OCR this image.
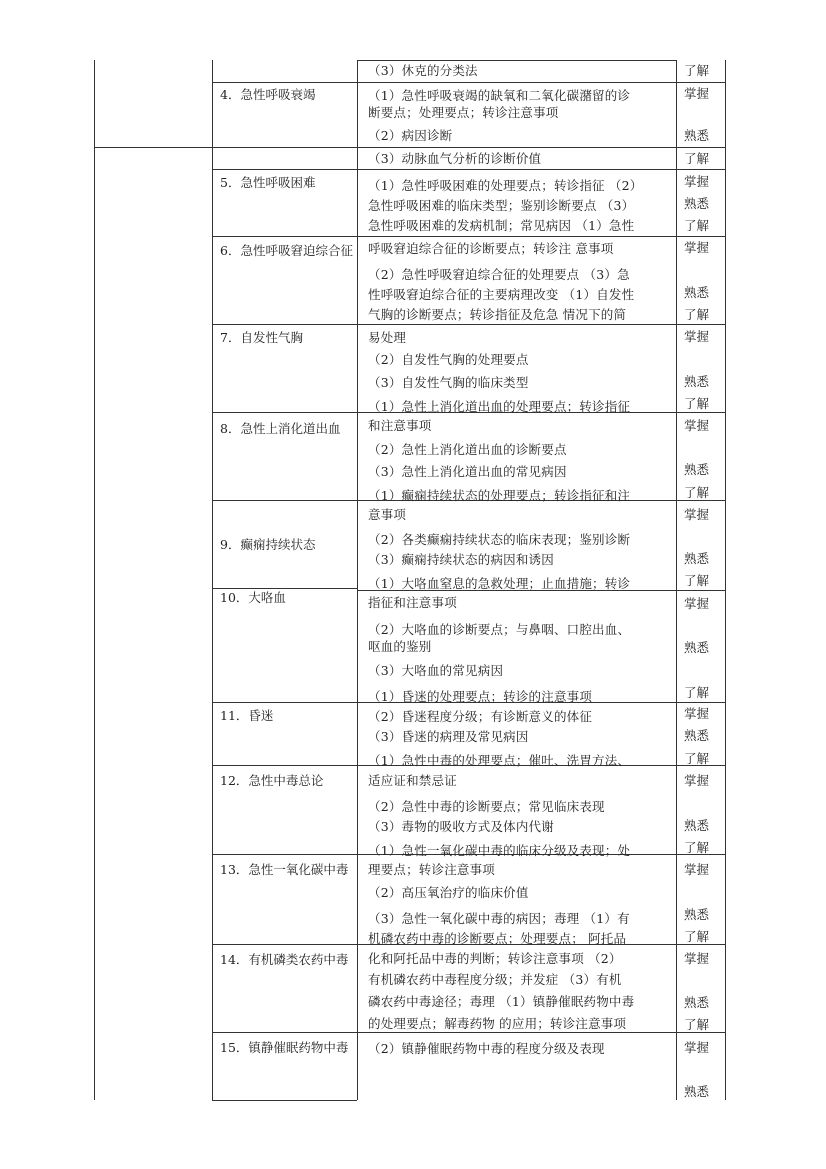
4．急性呼吸衰竭
5．急性呼吸困难
6．急性呼吸窘迫综合征
7．自发性气胸
8．急性上消化道出血
9．癫痫持续状态
10．大咯血
11．昏迷
12．急性中毒总论
13．急性一氧化碳中毒
14．有机磷类农药中毒
15．镇静催眠药物中毒
（3）休克的分类法
（1）急性呼吸衰竭的缺氧和二氧化碳潴留的诊
断要点；处理要点；转诊注意事项
（2）病因诊断
（3）动脉血气分析的诊断价值
（1）急性呼吸困难的处理要点；转诊指征 （2）
急性呼吸困难的临床类型；鉴别诊断要点 （3）
急性呼吸困难的发病机制；常见病因 （1）急性
呼吸窘迫综合征的诊断要点；转诊注 意事项
（2）急性呼吸窘迫综合征的处理要点 （3）急
性呼吸窘迫综合征的主要病理改变 （1）自发性
气胸的诊断要点；转诊指征及危急 情况下的简
易处理
（2）自发性气胸的处理要点
（3）自发性气胸的临床类型
（1）急性上消化道出血的处理要点；转诊指征
和注意事项
（2）急性上消化道出血的诊断要点
（3）急性上消化道出血的常见病因
（1）癫痫持续状态的处理要点；转诊指征和注
意事项
（2）各类癫痫持续状态的临床表现；鉴别诊断
（3）癫痫持续状态的病因和诱因
（1）大咯血窒息的急救处理；止血措施；转诊
指征和注意事项
（2）大咯血的诊断要点；与鼻咽、口腔出血、
呕血的鉴别
（3）大咯血的常见病因
（1）昏迷的处理要点；转诊的注意事项
（2）昏迷程度分级；有诊断意义的体征
（3）昏迷的病理及常见病因
（1）急性中毒的处理要点；催吐、洗胃方法、
适应证和禁忌证
（2）急性中毒的诊断要点；常见临床表现
（3）毒物的吸收方式及体内代谢
（1）急性一氧化碳中毒的临床分级及表现；处
理要点；转诊注意事项
（2）高压氧治疗的临床价值
（3）急性一氧化碳中毒的病因；毒理 （1）有
机磷农药中毒的诊断要点；处理要点； 阿托品
化和阿托品中毒的判断；转诊注意事项 （2）
有机磷农药中毒程度分级；并发症 （3）有机
磷农药中毒途径；毒理 （1）镇静催眠药物中毒
的处理要点；解毒药物 的应用；转诊注意事项
（2）镇静催眠药物中毒的程度分级及表现
了解
掌握
熟悉
了解
掌握
熟悉
了解
掌握
熟悉
了解
掌握
熟悉
了解
掌握
熟悉
了解
掌握
熟悉
了解
掌握
熟悉
了解
掌握
熟悉
了解
掌握
熟悉
了解
掌握
熟悉
了解
掌握
熟悉
了解
掌握
熟悉
